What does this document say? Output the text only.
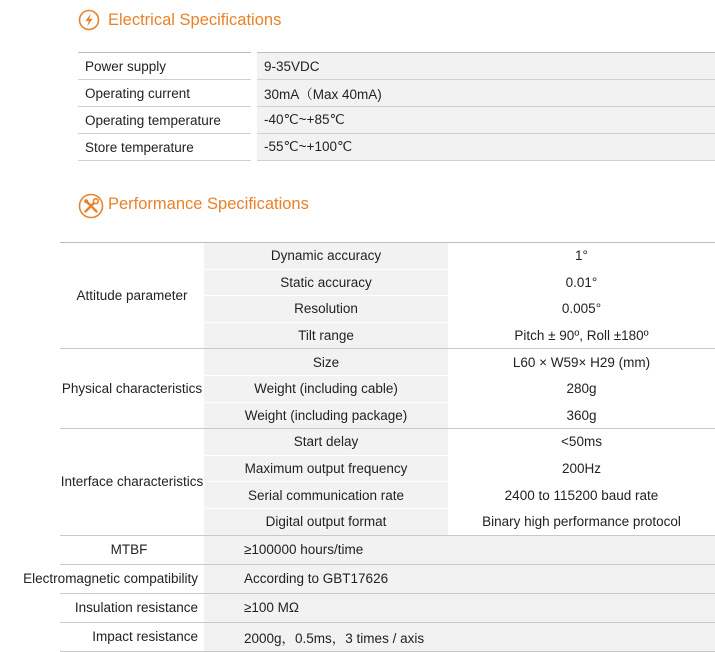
Electrical Specifications
Power supply	9-35VDC
Operating current	30mA（Max 40mA)
Operating temperature	-40℃~+85℃
Store temperature	-55℃~+100℃
Performance Specifications
Attitude parameter	Dynamic accuracy	1°
	Static accuracy	0.01°
	Resolution	0.005°
	Tilt range	Pitch ± 90º, Roll ±180º
Physical characteristics	Size	L60 × W59× H29 (mm)
	Weight (including cable)	280g
	Weight (including package)	360g
Interface characteristics	Start delay	<50ms
	Maximum output frequency	200Hz
	Serial communication rate	2400 to 115200 baud rate
	Digital output format	Binary high performance protocol
MTBF	≥100000 hours/time	
Electromagnetic compatibility	According to GBT17626	
Insulation resistance	≥100 MΩ	
Impact resistance	2000g，0.5ms，3 times / axis	
